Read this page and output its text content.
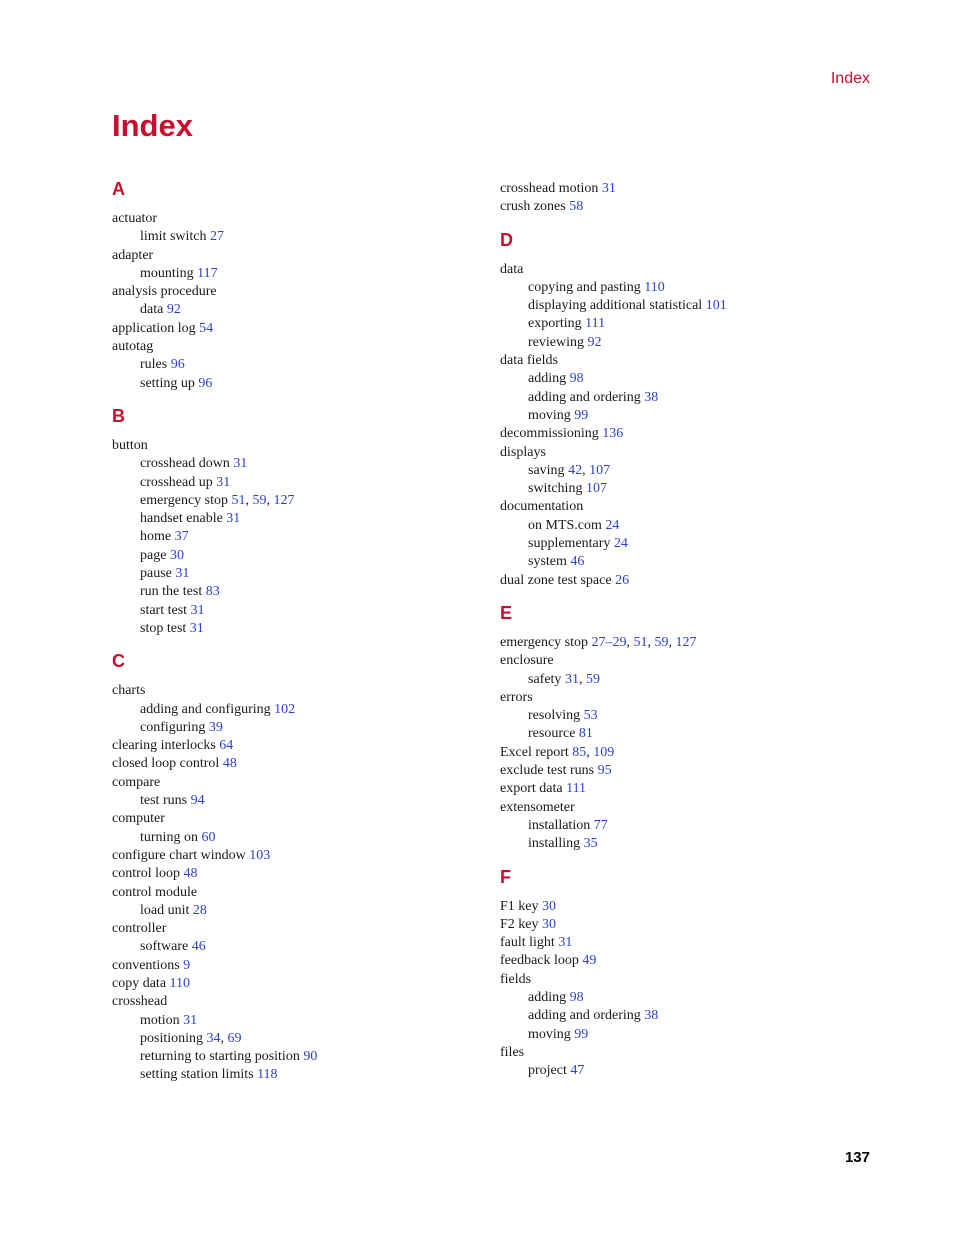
Index
Index
A
actuator
limit switch 27
adapter
mounting 117
analysis procedure
data 92
application log 54
autotag
rules 96
setting up 96
B
button
crosshead down 31
crosshead up 31
emergency stop 51, 59, 127
handset enable 31
home 37
page 30
pause 31
run the test 83
start test 31
stop test 31
C
charts
adding and configuring 102
configuring 39
clearing interlocks 64
closed loop control 48
compare
test runs 94
computer
turning on 60
configure chart window 103
control loop 48
control module
load unit 28
controller
software 46
conventions 9
copy data 110
crosshead
motion 31
positioning 34, 69
returning to starting position 90
setting station limits 118
crosshead motion 31
crush zones 58
D
data
copying and pasting 110
displaying additional statistical 101
exporting 111
reviewing 92
data fields
adding 98
adding and ordering 38
moving 99
decommissioning 136
displays
saving 42, 107
switching 107
documentation
on MTS.com 24
supplementary 24
system 46
dual zone test space 26
E
emergency stop 27–29, 51, 59, 127
enclosure
safety 31, 59
errors
resolving 53
resource 81
Excel report 85, 109
exclude test runs 95
export data 111
extensometer
installation 77
installing 35
F
F1 key 30
F2 key 30
fault light 31
feedback loop 49
fields
adding 98
adding and ordering 38
moving 99
files
project 47
137
